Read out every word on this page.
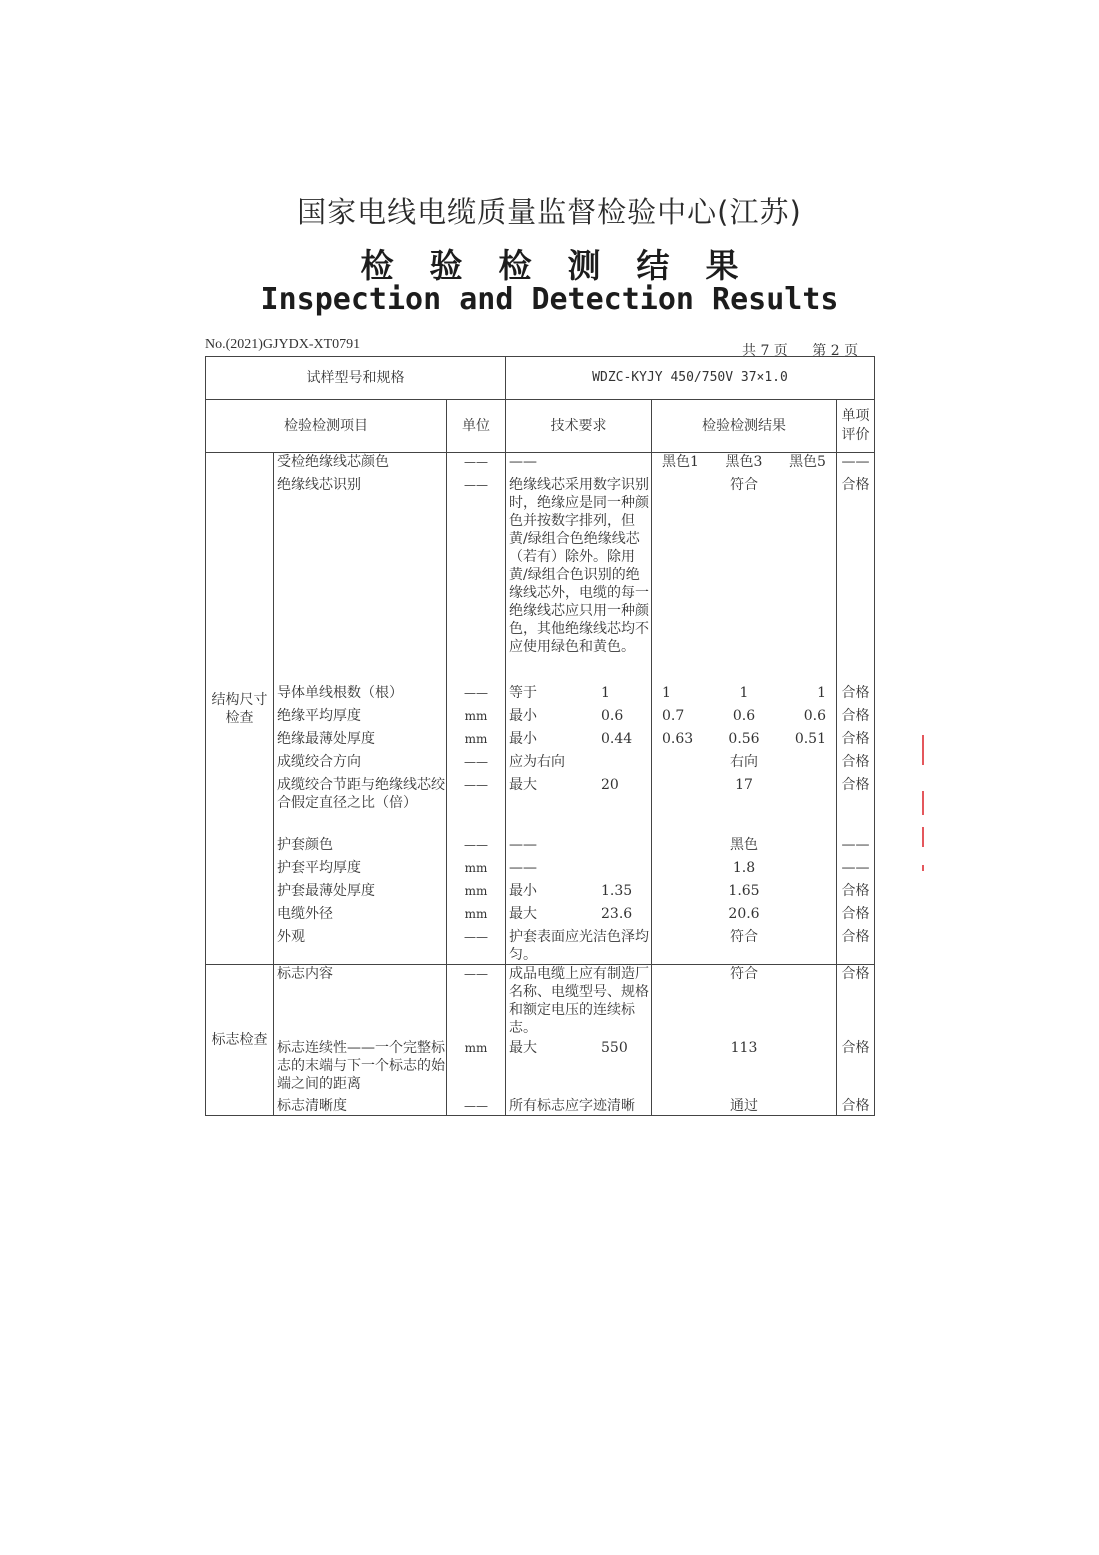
国家电线电缆质量监督检验中心(江苏)
检 验 检 测 结 果
Inspection and Detection Results
No.(2021)GJYDX-XT0791	共 7 页 第 2 页
试样型号和规格			WDZC-KYJY 450/750V 37×1.0		
检验检测项目		单位	技术要求	检验检测结果	单项
评价
结构尺寸
检查	受检绝缘线芯颜色	——	——	黑色1 黑色3 黑色5	——
	绝缘线芯识别	——	绝缘线芯采用数字识别时，绝缘应是同一种颜色并按数字排列，但黄/绿组合色绝缘线芯（若有）除外。除用黄/绿组合色识别的绝缘线芯外，电缆的每一绝缘线芯应只用一种颜色，其他绝缘线芯均不应使用绿色和黄色。	符合	合格
	导体单线根数（根）	——	等于 1	1 1 1	合格
	绝缘平均厚度	mm	最小 0.6	0.7 0.6 0.6	合格
	绝缘最薄处厚度	mm	最小 0.44	0.63 0.56 0.51	合格
	成缆绞合方向	——	应为右向	右向	合格
	成缆绞合节距与绝缘线芯绞合假定直径之比（倍）	——	最大 20	17	合格
	护套颜色	——	——	黑色	——
	护套平均厚度	mm	——	1.8	——
	护套最薄处厚度	mm	最小 1.35	1.65	合格
	电缆外径	mm	最大 23.6	20.6	合格
	外观	——	护套表面应光洁色泽均匀。	符合	合格
标志检查	标志内容	——	成品电缆上应有制造厂名称、电缆型号、规格和额定电压的连续标志。	符合	合格
	标志连续性——一个完整标志的末端与下一个标志的始端之间的距离	mm	最大 550	113	合格
	标志清晰度	——	所有标志应字迹清晰	通过	合格
